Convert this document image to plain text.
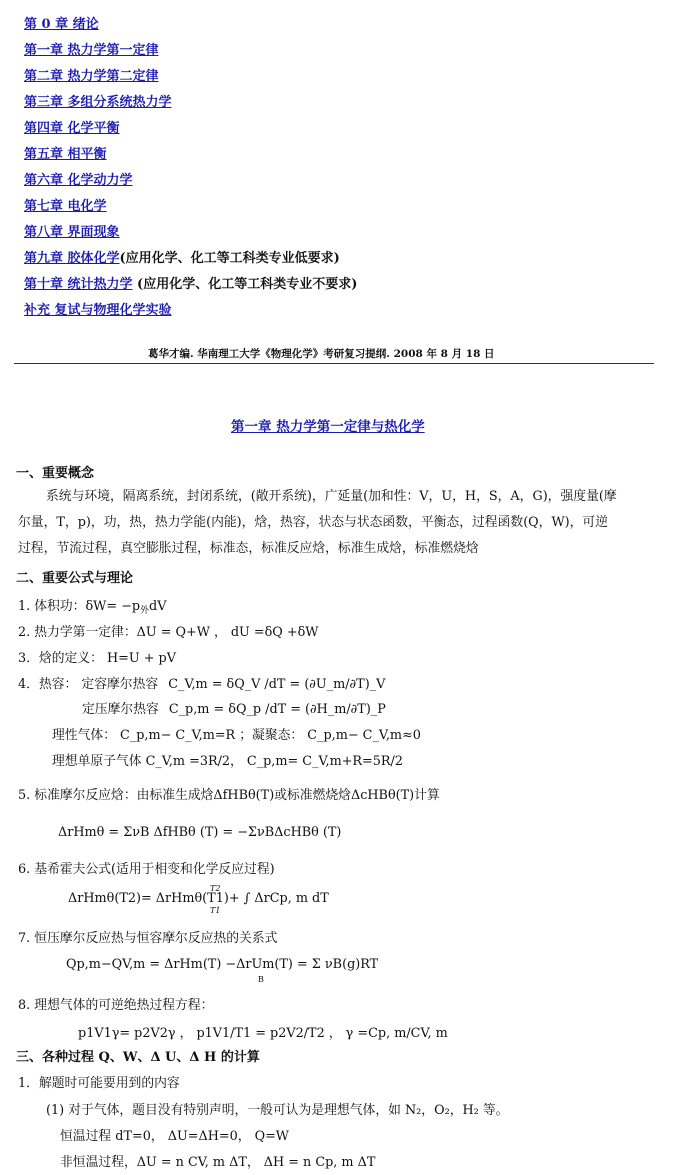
第 0 章 绪论
第一章 热力学第一定律
第二章 热力学第二定律
第三章 多组分系统热力学
第四章 化学平衡
第五章 相平衡
第六章 化学动力学
第七章 电化学
第八章 界面现象
第九章 胶体化学(应用化学、化工等工科类专业低要求)
第十章 统计热力学 (应用化学、化工等工科类专业不要求)
补充 复试与物理化学实验
葛华才编. 华南理工大学《物理化学》考研复习提纲. 2008 年 8 月 18 日
第一章 热力学第一定律与热化学
一、重要概念
系统与环境，隔离系统，封闭系统，(敞开系统)，广延量(加和性：V，U，H，S，A，G)，强度量(摩
尔量，T，p)，功，热，热力学能(内能)，焓，热容，状态与状态函数，平衡态，过程函数(Q，W)，可逆
过程，节流过程，真空膨胀过程，标准态，标准反应焓，标准生成焓，标准燃烧焓
二、重要公式与理论
1. 体积功：$\delta W= -p_外dV$
2. 热力学第一定律：ΔU = Q+W ， dU =δQ +δW
3．焓的定义： H=U + pV
4．热容： 定容摩尔热容 C_V,m = δQ_V /dT = (∂U_m/∂T)_V
定压摩尔热容 C_p,m = δQ_p /dT = (∂H_m/∂T)_P
理性气体： C_p,m− C_V,m=R ；凝聚态： C_p,m− C_V,m≈0
理想单原子气体 C_V,m =3R/2， C_p,m= C_V,m+R=5R/2
5. 标准摩尔反应焓：由标准生成焓ΔfHBθ(T)或标准燃烧焓ΔcHBθ(T)计算
ΔrHmθ = ΣνB ΔfHBθ (T) = −ΣνBΔcHBθ (T)
6. 基希霍夫公式(适用于相变和化学反应过程)
ΔrHmθ(T2)= ΔrHmθ(T1)+ ∫ ΔrCp, m dT
T2
T1
7. 恒压摩尔反应热与恒容摩尔反应热的关系式
Qp,m−QV,m = ΔrHm(T) −ΔrUm(T) = Σ νB(g)RT
B
8. 理想气体的可逆绝热过程方程：
p1V1γ= p2V2γ ， p1V1/T1 = p2V2/T2 ， γ =Cp, m/CV, m
三、各种过程 Q、W、Δ U、Δ H 的计算
1．解题时可能要用到的内容
(1) 对于气体，题目没有特别声明，一般可认为是理想气体，如 N₂，O₂，H₂ 等。
恒温过程 dT=0， ΔU=ΔH=0， Q=W
非恒温过程，ΔU = n CV, m ΔT， ΔH = n Cp, m ΔT
